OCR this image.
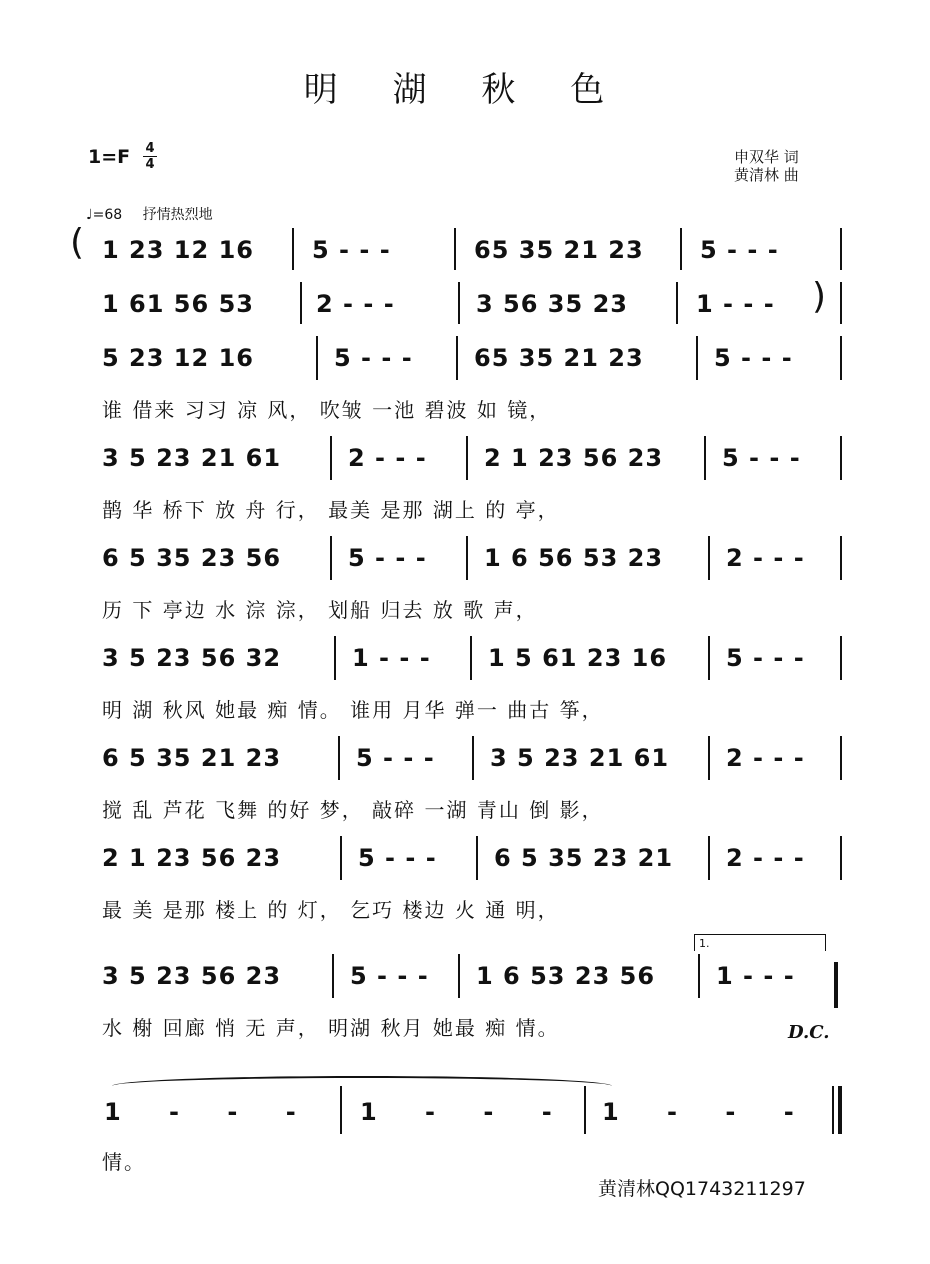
明 湖 秋 色
1=F 4
4	申双华 词
黄清林 曲
♩=68 抒情热烈地
( 1 23 12 16	5 - - -	65 35 21 23	5 - - -
1 61 56 53	2 - - -	3 56 35 23	1 - - -	)
5 23 12 16	5 - - -	65 35 21 23	5 - - -
谁 借来 习习 凉 风， 吹皱 一池 碧波 如 镜，
3 5 23 21 61	2 - - - 2 1 23 56 23 5 - - -
鹊 华 桥下 放 舟 行， 最美 是那 湖上 的 亭，
6 5 35 23 56	5 - - - 1 6 56 53 23	2 - - -
历 下 亭边 水 淙 淙， 划船 归去 放 歌 声，
3 5 23 56 32	1 - - - 1 5 61 23 16 5 - - -
明 湖 秋风 她最 痴 情。 谁用 月华 弹一 曲古 筝，
6 5 35 21 23	5 - - - 3 5 23 21 61 2 - - -
搅 乱 芦花 飞舞 的好 梦， 敲碎 一湖 青山 倒 影，
2 1 23 56 23	5 - - - 6 5 35 23 21 2 - - -
最 美 是那 楼上 的 灯， 乞巧 楼边 火 通 明，
3 5 23 56 23	5 - - - 1 6 53 23 56	1 - - -
水 榭 回廊 悄 无 声， 明湖 秋月 她最 痴 情。
1.
D.C.
1 - - -	1 - - - 1 - - -
情。
黄清林QQ1743211297
